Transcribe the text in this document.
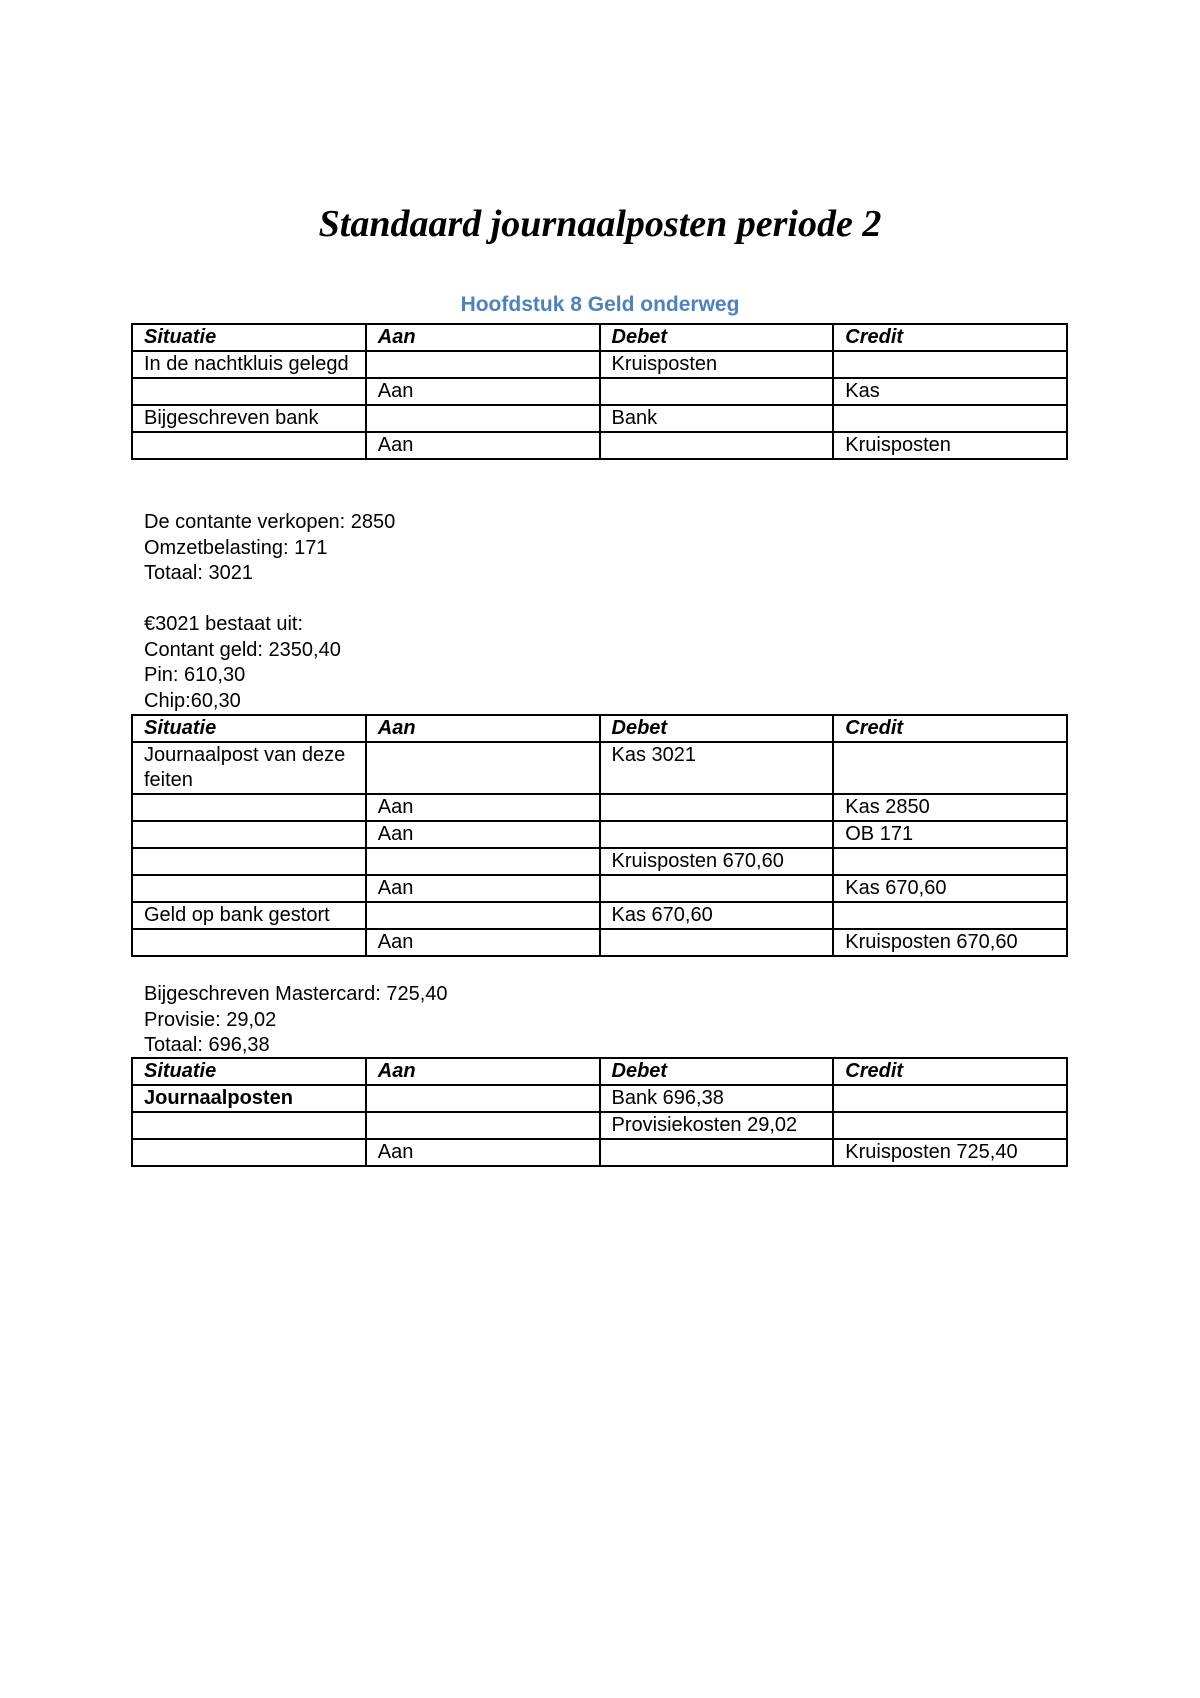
Standaard journaalposten periode 2
Hoofdstuk 8 Geld onderweg
Situatie	Aan	Debet	Credit
In de nachtkluis gelegd		Kruisposten	
	Aan		Kas
Bijgeschreven bank		Bank	
	Aan		Kruisposten
De contante verkopen: 2850
Omzetbelasting: 171
Totaal: 3021
€3021 bestaat uit:
Contant geld: 2350,40
Pin: 610,30
Chip:60,30
Situatie	Aan	Debet	Credit
Journaalpost van deze feiten		Kas 3021	
	Aan		Kas 2850
	Aan		OB 171
		Kruisposten 670,60	
	Aan		Kas 670,60
Geld op bank gestort		Kas 670,60	
	Aan		Kruisposten 670,60
Bijgeschreven Mastercard: 725,40
Provisie: 29,02
Totaal: 696,38
Situatie	Aan	Debet	Credit
Journaalposten		Bank 696,38	
		Provisiekosten 29,02	
	Aan		Kruisposten 725,40
